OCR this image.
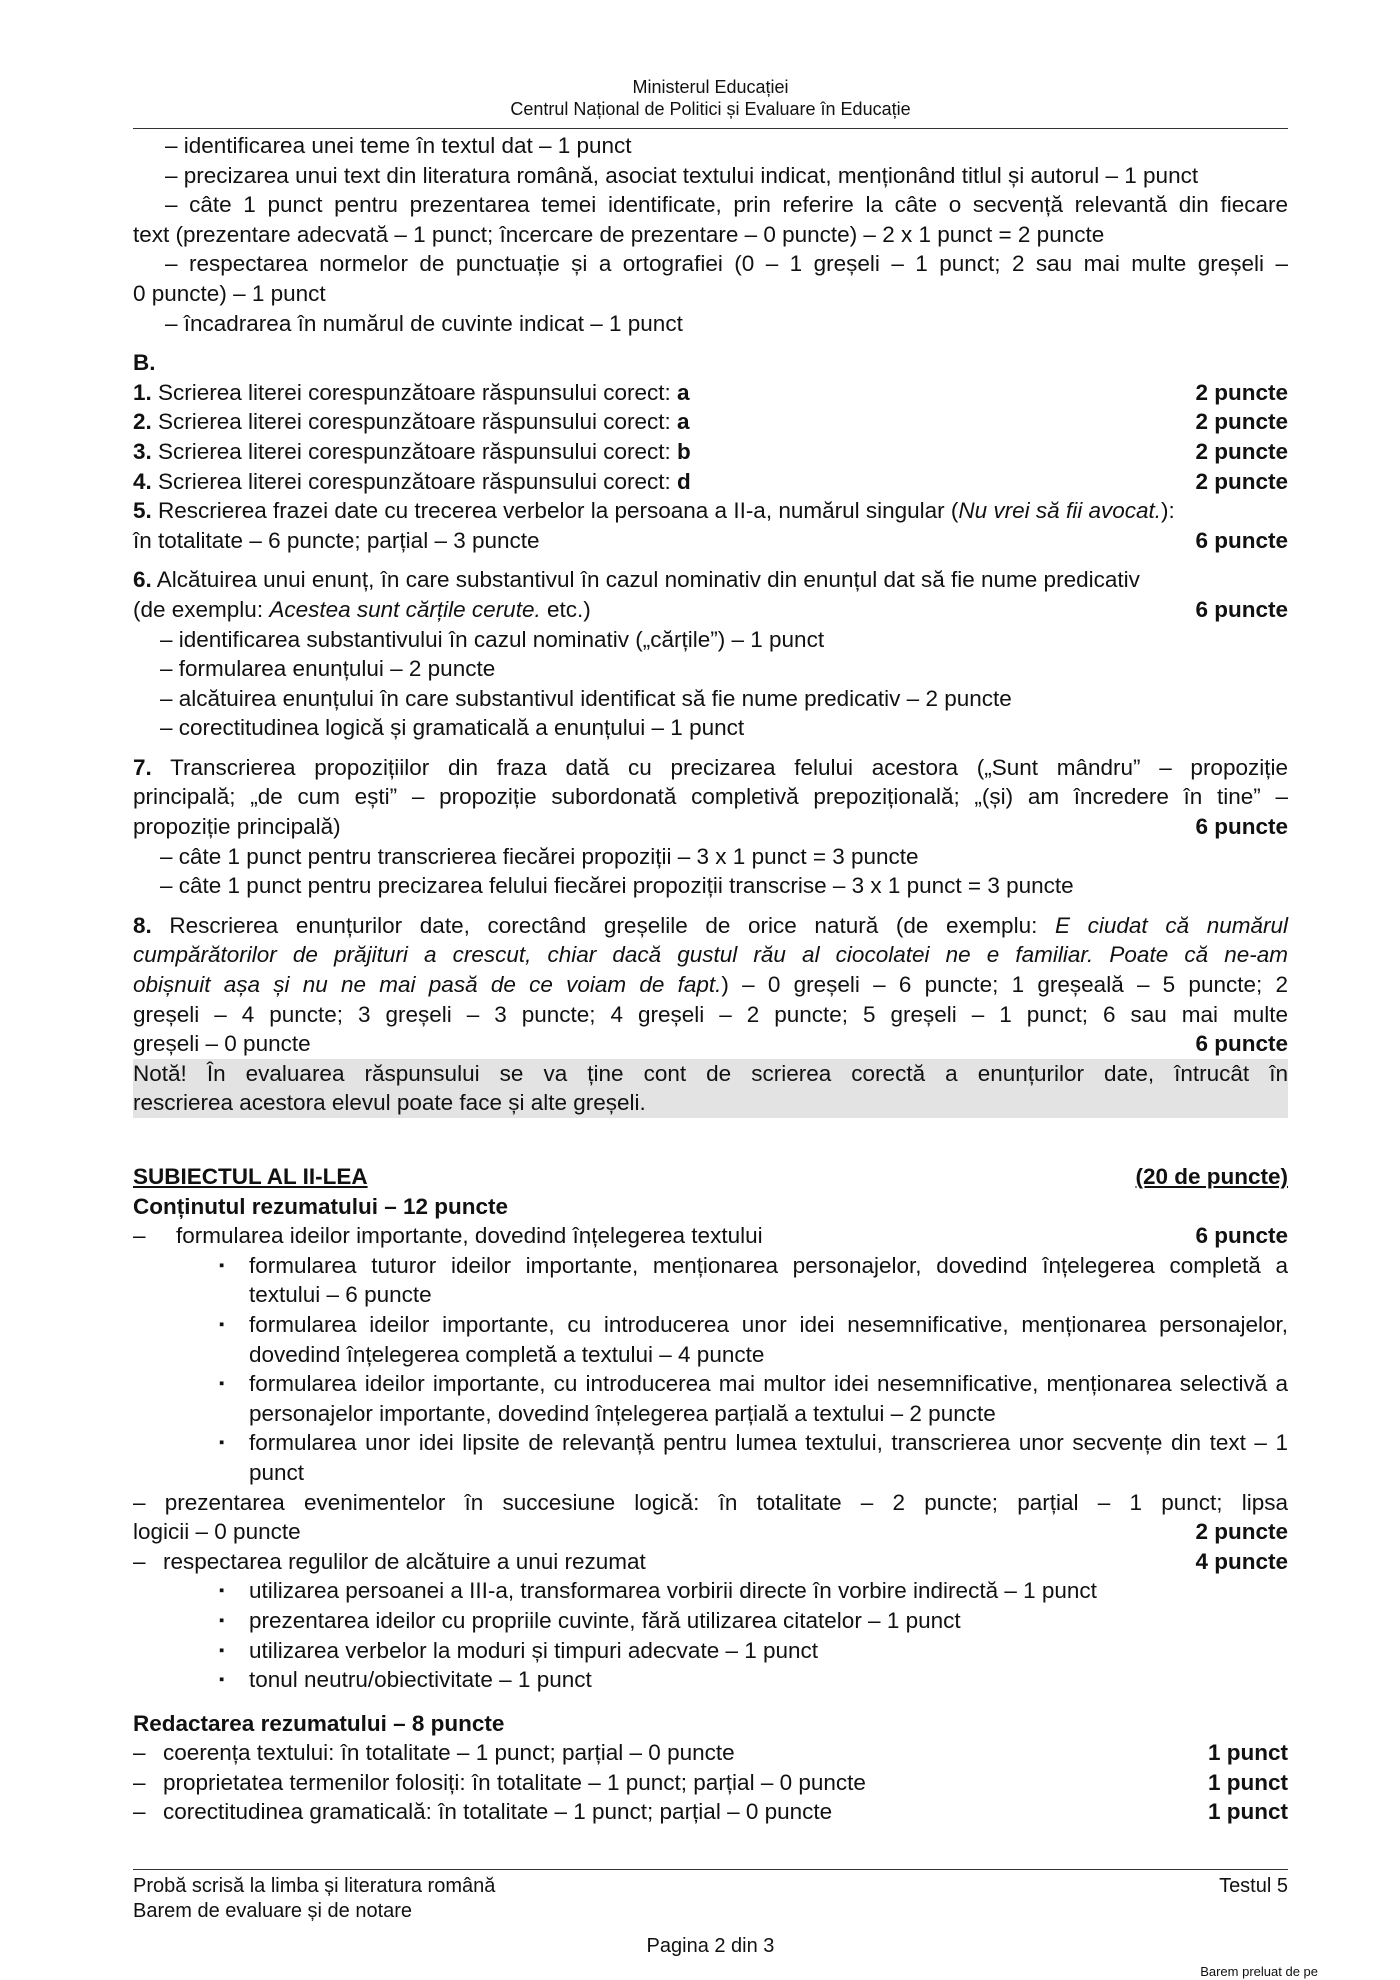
Ministerul Educației
Centrul Național de Politici și Evaluare în Educație
‒ identificarea unei teme în textul dat – 1 punct
‒ precizarea unui text din literatura română, asociat textului indicat, menționând titlul și autorul – 1 punct
‒ câte 1 punct pentru prezentarea temei identificate, prin referire la câte o secvență relevantă din fiecare
text (prezentare adecvată – 1 punct; încercare de prezentare – 0 puncte) – 2 x 1 punct = 2 puncte
‒ respectarea normelor de punctuație și a ortografiei (0 – 1 greșeli – 1 punct; 2 sau mai multe greșeli –
0 puncte) – 1 punct
‒ încadrarea în numărul de cuvinte indicat – 1 punct
B.
1. Scrierea literei corespunzătoare răspunsului corect: a	2 puncte
2. Scrierea literei corespunzătoare răspunsului corect: a	2 puncte
3. Scrierea literei corespunzătoare răspunsului corect: b	2 puncte
4. Scrierea literei corespunzătoare răspunsului corect: d	2 puncte
5. Rescrierea frazei date cu trecerea verbelor la persoana a II-a, numărul singular (Nu vrei să fii avocat.):
în totalitate – 6 puncte; parțial – 3 puncte	6 puncte
6. Alcătuirea unui enunț, în care substantivul în cazul nominativ din enunțul dat să fie nume predicativ
(de exemplu: Acestea sunt cărțile cerute. etc.)	6 puncte
– identificarea substantivului în cazul nominativ („cărțile”) – 1 punct
– formularea enunțului – 2 puncte
– alcătuirea enunțului în care substantivul identificat să fie nume predicativ – 2 puncte
– corectitudinea logică și gramaticală a enunțului – 1 punct
7. Transcrierea propozițiilor din fraza dată cu precizarea felului acestora („Sunt mândru” – propoziție
principală; „de cum ești” – propoziție subordonată completivă prepozițională; „(și) am încredere în tine” –
propoziție principală)	6 puncte
– câte 1 punct pentru transcrierea fiecărei propoziții – 3 x 1 punct = 3 puncte
– câte 1 punct pentru precizarea felului fiecărei propoziții transcrise – 3 x 1 punct = 3 puncte
8. Rescrierea enunțurilor date, corectând greșelile de orice natură (de exemplu: E ciudat că numărul
cumpărătorilor de prăjituri a crescut, chiar dacă gustul rău al ciocolatei ne e familiar. Poate că ne-am
obișnuit așa și nu ne mai pasă de ce voiam de fapt.) – 0 greșeli – 6 puncte; 1 greșeală – 5 puncte; 2
greșeli – 4 puncte; 3 greșeli – 3 puncte; 4 greșeli – 2 puncte; 5 greșeli – 1 punct; 6 sau mai multe
greșeli – 0 puncte	6 puncte
Notă! În evaluarea răspunsului se va ține cont de scrierea corectă a enunțurilor date, întrucât în
rescrierea acestora elevul poate face și alte greșeli.
SUBIECTUL AL II-LEA	(20 de puncte)
Conținutul rezumatului – 12 puncte
‒	formularea ideilor importante, dovedind înțelegerea textului	6 puncte
▪	formularea tuturor ideilor importante, menționarea personajelor, dovedind înțelegerea completă a textului – 6 puncte
▪	formularea ideilor importante, cu introducerea unor idei nesemnificative, menționarea personajelor, dovedind înțelegerea completă a textului – 4 puncte
▪	formularea ideilor importante, cu introducerea mai multor idei nesemnificative, menționarea selectivă a personajelor importante, dovedind înțelegerea parțială a textului – 2 puncte
▪	formularea unor idei lipsite de relevanță pentru lumea textului, transcrierea unor secvențe din text – 1 punct
‒ prezentarea evenimentelor în succesiune logică: în totalitate – 2 puncte; parțial – 1 punct; lipsa
logicii – 0 puncte	2 puncte
‒ respectarea regulilor de alcătuire a unui rezumat	4 puncte
▪	utilizarea persoanei a III-a, transformarea vorbirii directe în vorbire indirectă – 1 punct
▪	prezentarea ideilor cu propriile cuvinte, fără utilizarea citatelor – 1 punct
▪	utilizarea verbelor la moduri și timpuri adecvate – 1 punct
▪	tonul neutru/obiectivitate – 1 punct
Redactarea rezumatului – 8 puncte
– coerența textului: în totalitate – 1 punct; parțial – 0 puncte	1 punct
– proprietatea termenilor folosiți: în totalitate – 1 punct; parțial – 0 puncte	1 punct
– corectitudinea gramaticală: în totalitate – 1 punct; parțial – 0 puncte	1 punct
Probă scrisă la limba și literatura română	Testul 5
Barem de evaluare și de notare
Pagina 2 din 3
Barem preluat de pe
